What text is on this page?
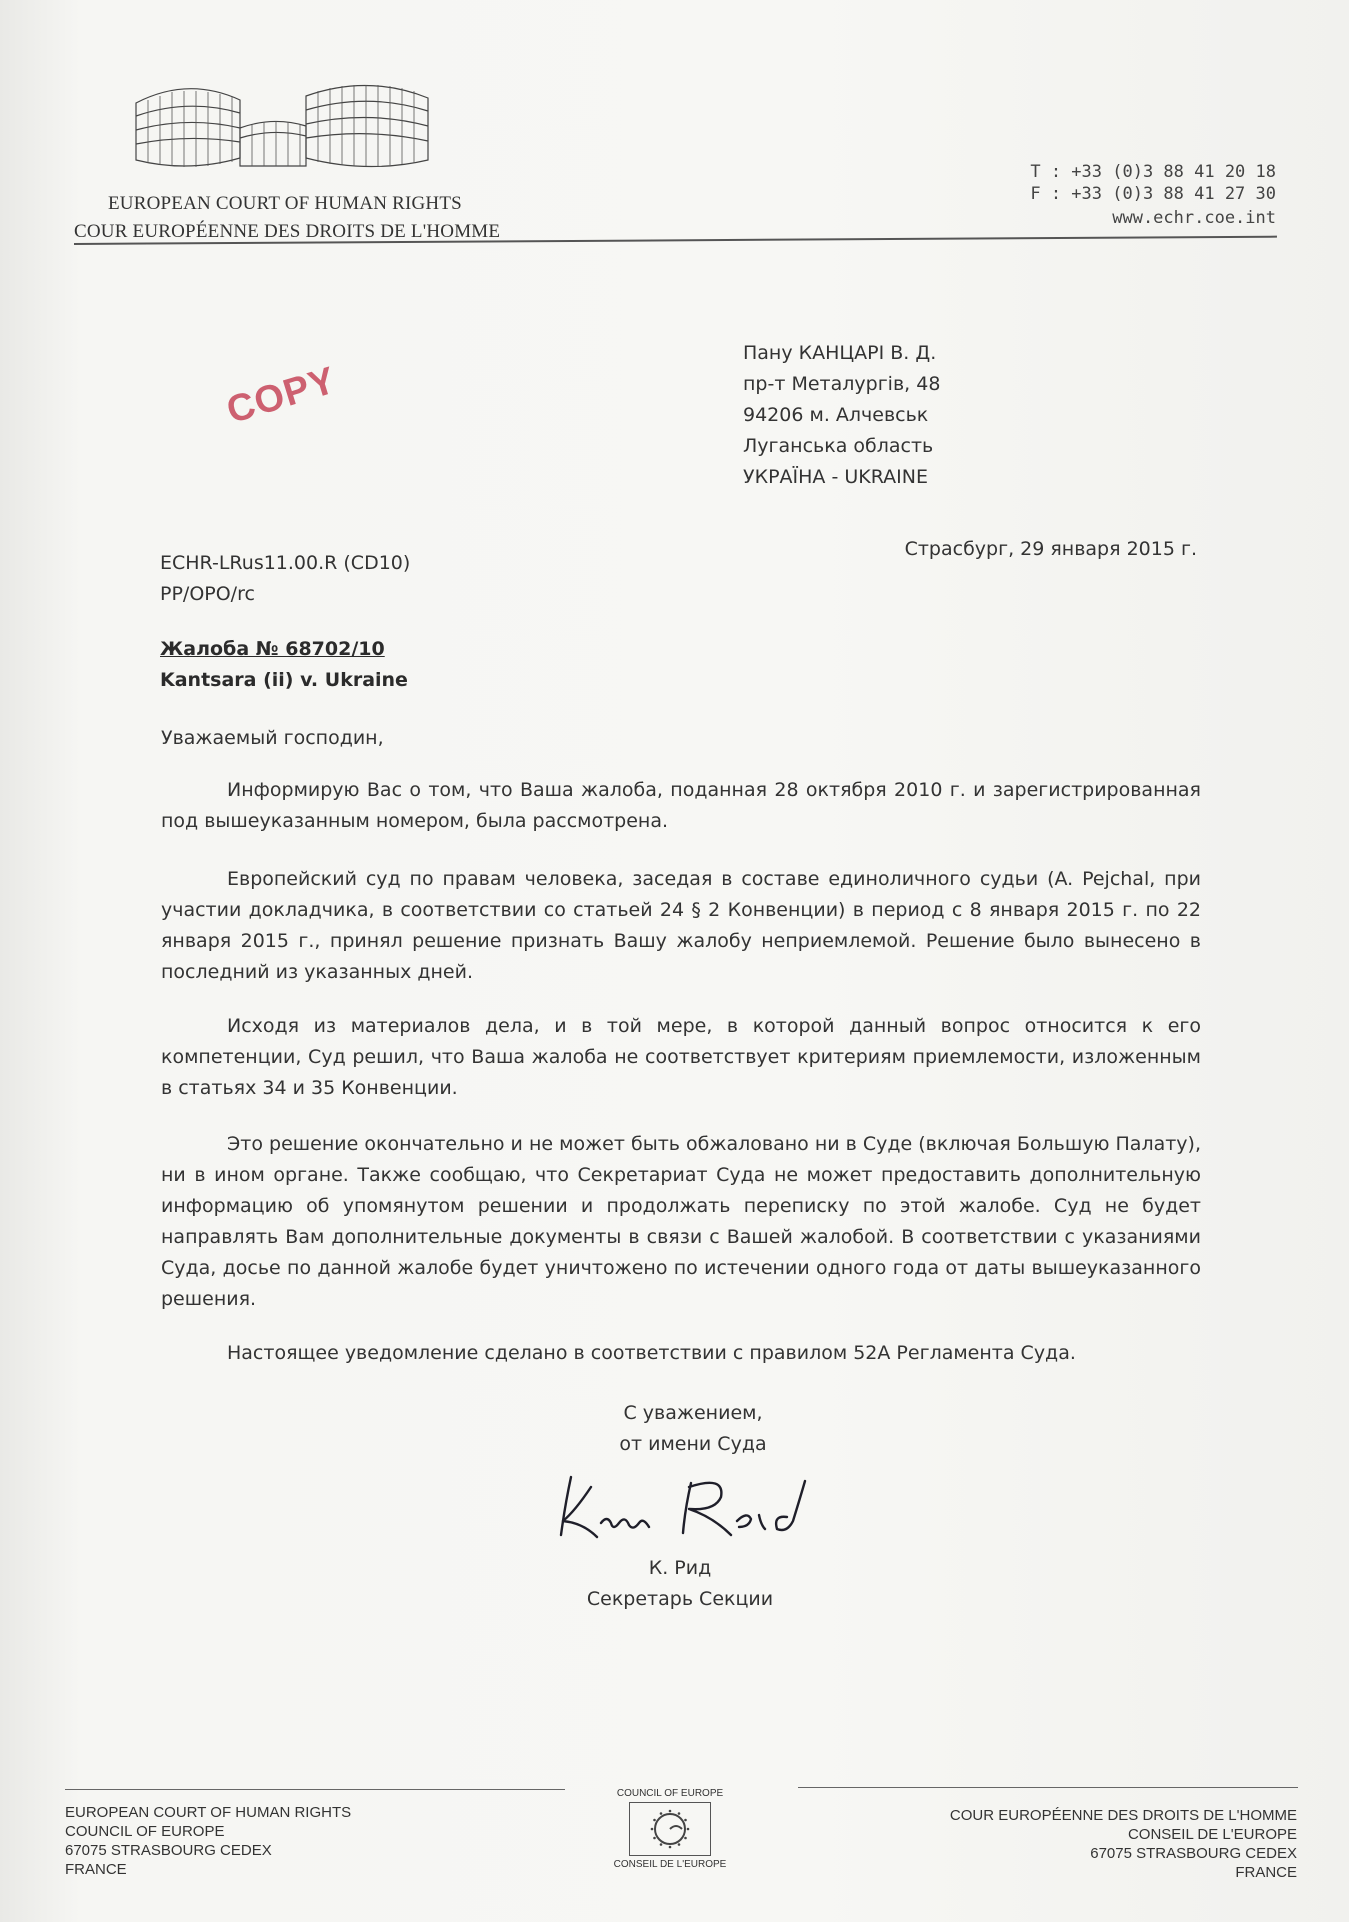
EUROPEAN COURT OF HUMAN RIGHTS
COUR EUROPÉENNE DES DROITS DE L'HOMME
T : +33 (0)3 88 41 20 18
F : +33 (0)3 88 41 27 30
www.echr.coe.int
Пану КАНЦАРІ В. Д.
пр-т Металургів, 48
94206 м. Алчевськ
Луганська область
УКРАЇНА - UKRAINE
COPY
ECHR-LRus11.00.R (CD10)
PP/OPO/rc
Страсбург, 29 января 2015 г.
Жалоба № 68702/10
Kantsara (ii) v. Ukraine
Уважаемый господин,
Информирую Вас о том, что Ваша жалоба, поданная 28 октября 2010 г. и зарегистрированная под вышеуказанным номером, была рассмотрена.
Европейский суд по правам человека, заседая в составе единоличного судьи (A. Pejchal, при участии докладчика, в соответствии со статьей 24 § 2 Конвенции) в период с 8 января 2015 г. по 22 января 2015 г., принял решение признать Вашу жалобу неприемлемой. Решение было вынесено в последний из указанных дней.
Исходя из материалов дела, и в той мере, в которой данный вопрос относится к его компетенции, Суд решил, что Ваша жалоба не соответствует критериям приемлемости, изложенным в статьях 34 и 35 Конвенции.
Это решение окончательно и не может быть обжаловано ни в Суде (включая Большую Палату), ни в ином органе. Также сообщаю, что Секретариат Суда не может предоставить дополнительную информацию об упомянутом решении и продолжать переписку по этой жалобе. Суд не будет направлять Вам дополнительные документы в связи с Вашей жалобой. В соответствии с указаниями Суда, досье по данной жалобе будет уничтожено по истечении одного года от даты вышеуказанного решения.
Настоящее уведомление сделано в соответствии с правилом 52A Регламента Суда.
С уважением,
от имени Суда
К. Рид
Секретарь Секции
EUROPEAN COURT OF HUMAN RIGHTS
COUNCIL OF EUROPE
67075 STRASBOURG CEDEX
FRANCE
COUNCIL OF EUROPE
CONSEIL DE L'EUROPE
COUR EUROPÉENNE DES DROITS DE L'HOMME
CONSEIL DE L'EUROPE
67075 STRASBOURG CEDEX
FRANCE
